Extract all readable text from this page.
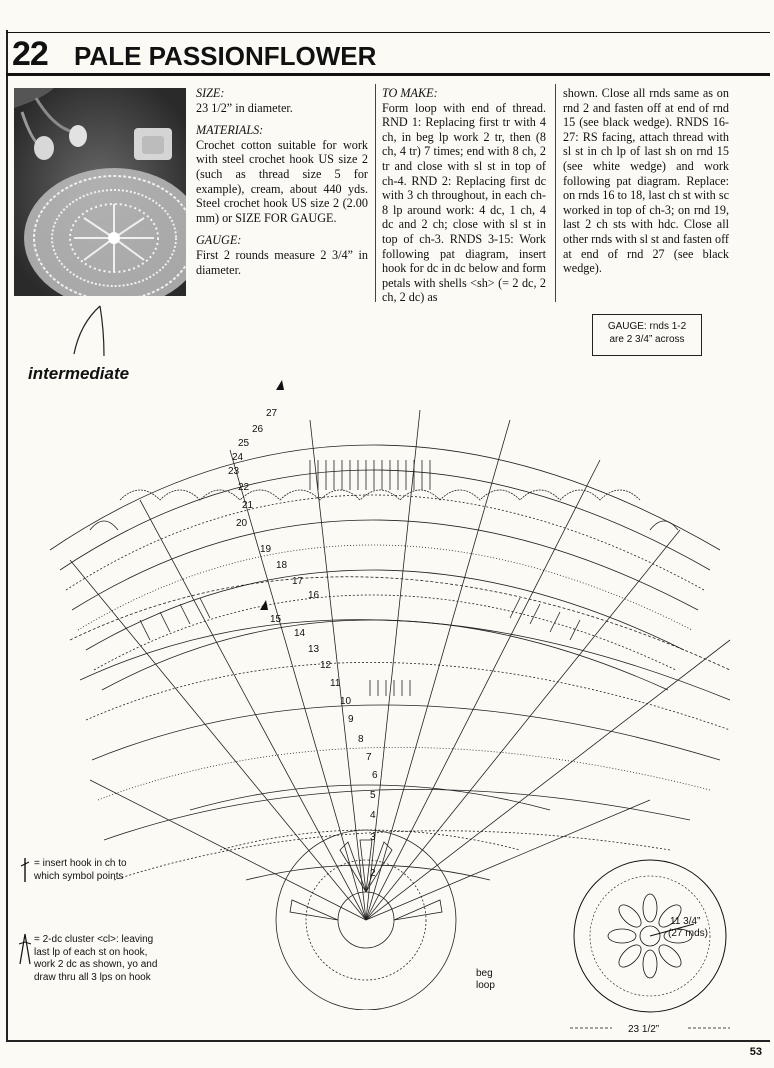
22 PALE PASSIONFLOWER

SIZE:

23 1/2” in diameter.

MATERIALS:

Crochet cotton suitable for work with steel crochet hook US size 2 (such as thread size 5 for example), cream, about 440 yds. Steel crochet hook US size 2 (2.00 mm) or SIZE FOR GAUGE.

GAUGE:

First 2 rounds measure 2 3/4” in diameter.

TO MAKE:

Form loop with end of thread. RND 1: Replacing first tr with 4 ch, in beg lp work 2 tr, then (8 ch, 4 tr) 7 times; end with 8 ch, 2 tr and close with sl st in top of ch-4. RND 2: Replacing first dc with 3 ch throughout, in each ch-8 lp around work: 4 dc, 1 ch, 4 dc and 2 ch; close with sl st in top of ch-3. RNDS 3-15: Work following pat diagram, insert hook for dc in dc below and form petals with shells <sh> (= 2 dc, 2 ch, 2 dc) as

shown. Close all rnds same as on rnd 2 and fasten off at end of rnd 15 (see black wedge). RNDS 16-27: RS facing, attach thread with sl st in ch lp of last sh on rnd 15 (see white wedge) and work following pat diagram. Replace: on rnds 16 to 18, last ch st with sc worked in top of ch-3; on rnd 19, last 2 ch sts with hdc. Close all other rnds with sl st and fasten off at end of rnd 27 (see black wedge).

GAUGE: rnds 1-2
are 2 3/4” across
intermediate
2
3
4
5
6
7
8
9
10
11
12
13
14
15
16
17
18
19
20
21
22
23
24
25
26
27
= insert hook in ch to which symbol points
= 2-dc cluster <cl>: leaving last lp of each st on hook, work 2 dc as shown, yo and draw thru all 3 lps on hook	beg
loop
11 3/4”
(27 rnds)
23 1/2”
53
